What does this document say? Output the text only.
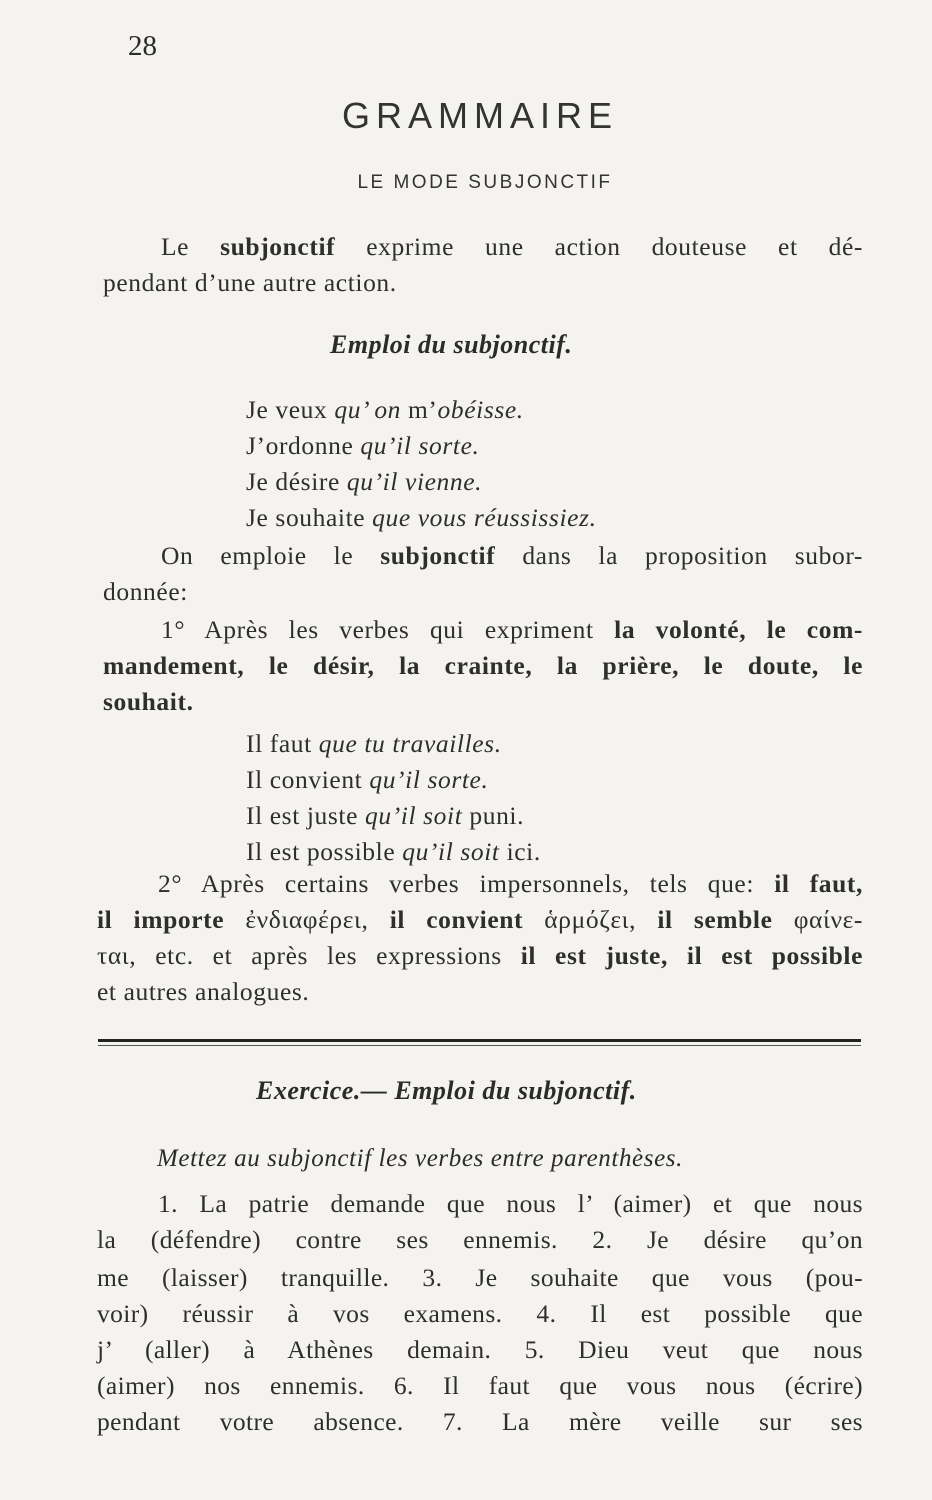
28
GRAMMAIRE
LE MODE SUBJONCTIF
Le subjonctif exprime une action douteuse et dé-
pendant d’une autre action.
Emploi du subjonctif.
Je veux qu’ on m’obéisse.
J’ordonne qu’il sorte.
Je désire qu’il vienne.
Je souhaite que vous réussissiez.
On emploie le subjonctif dans la proposition subor-
donnée:
1° Après les verbes qui expriment la volonté, le com-
mandement, le désir, la crainte, la prière, le doute, le
souhait.
Il faut que tu travailles.
Il convient qu’il sorte.
Il est juste qu’il soit puni.
Il est possible qu’il soit ici.
2° Après certains verbes impersonnels, tels que: il faut,
il importe ἐνδιαφέρει, il convient ἁρμόζει, il semble φαίνε-
ται, etc. et après les expressions il est juste, il est possible
et autres analogues.
Exercice.— Emploi du subjonctif.
Mettez au subjonctif les verbes entre parenthèses.
1. La patrie demande que nous l’ (aimer) et que nous
la (défendre) contre ses ennemis. 2. Je désire qu’on
me (laisser) tranquille. 3. Je souhaite que vous (pou-
voir) réussir à vos examens. 4. Il est possible que
j’ (aller) à Athènes demain. 5. Dieu veut que nous
(aimer) nos ennemis. 6. Il faut que vous nous (écrire)
pendant votre absence. 7. La mère veille sur ses
